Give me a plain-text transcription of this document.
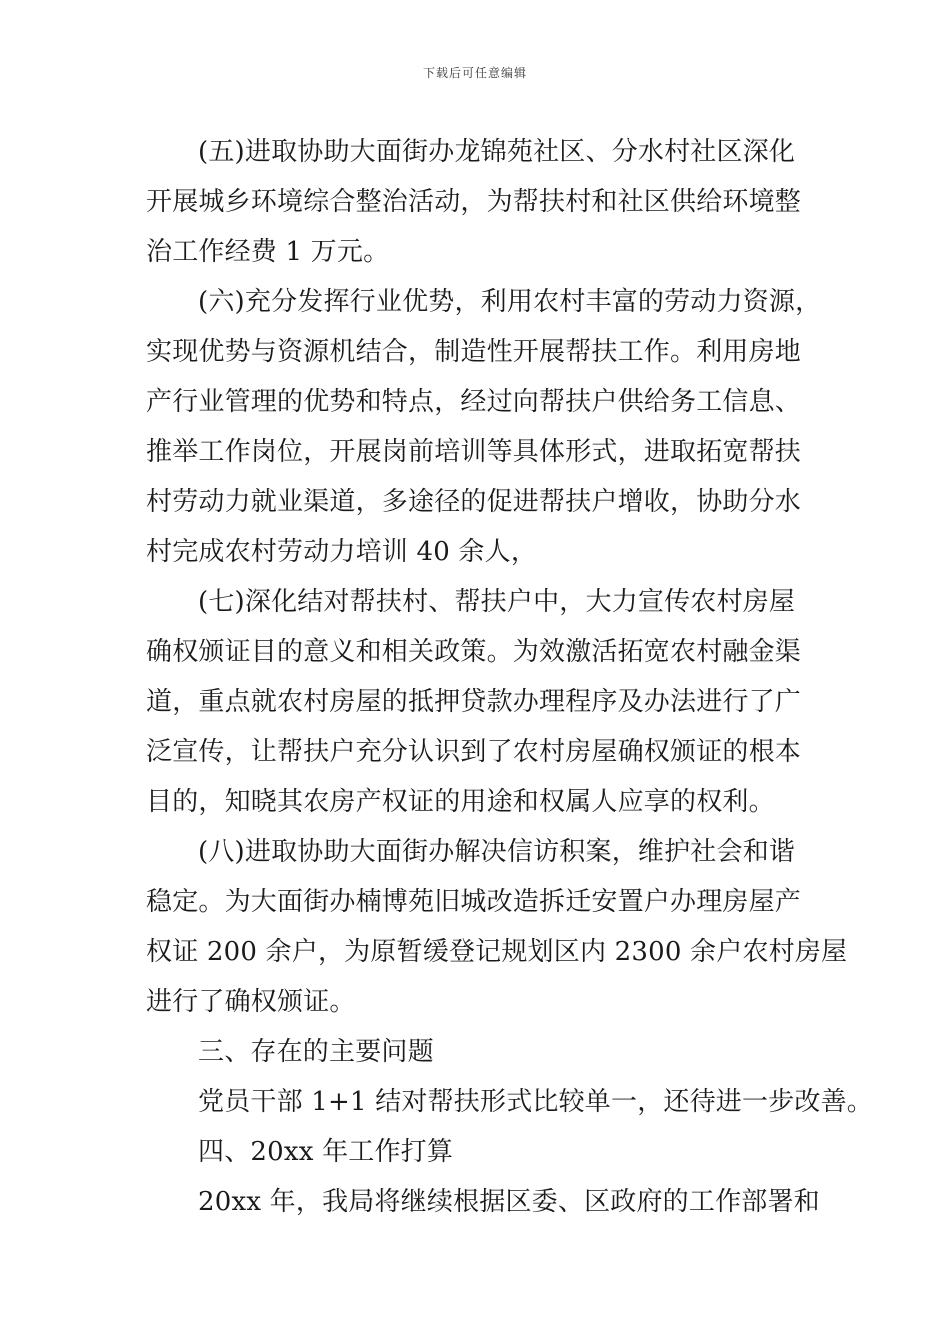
下载后可任意编辑
(五)进取协助大面街办龙锦苑社区、分水村社区深化
开展城乡环境综合整治活动，为帮扶村和社区供给环境整
治工作经费 1 万元。
(六)充分发挥行业优势，利用农村丰富的劳动力资源，
实现优势与资源机结合，制造性开展帮扶工作。利用房地
产行业管理的优势和特点，经过向帮扶户供给务工信息、
推举工作岗位，开展岗前培训等具体形式，进取拓宽帮扶
村劳动力就业渠道，多途径的促进帮扶户增收，协助分水
村完成农村劳动力培训 40 余人，
(七)深化结对帮扶村、帮扶户中，大力宣传农村房屋
确权颁证目的意义和相关政策。为效激活拓宽农村融金渠
道，重点就农村房屋的抵押贷款办理程序及办法进行了广
泛宣传，让帮扶户充分认识到了农村房屋确权颁证的根本
目的，知晓其农房产权证的用途和权属人应享的权利。
(八)进取协助大面街办解决信访积案，维护社会和谐
稳定。为大面街办楠博苑旧城改造拆迁安置户办理房屋产
权证 200 余户，为原暂缓登记规划区内 2300 余户农村房屋
进行了确权颁证。
三、存在的主要问题
党员干部 1+1 结对帮扶形式比较单一，还待进一步改善。
四、20xx 年工作打算
20xx 年，我局将继续根据区委、区政府的工作部署和
